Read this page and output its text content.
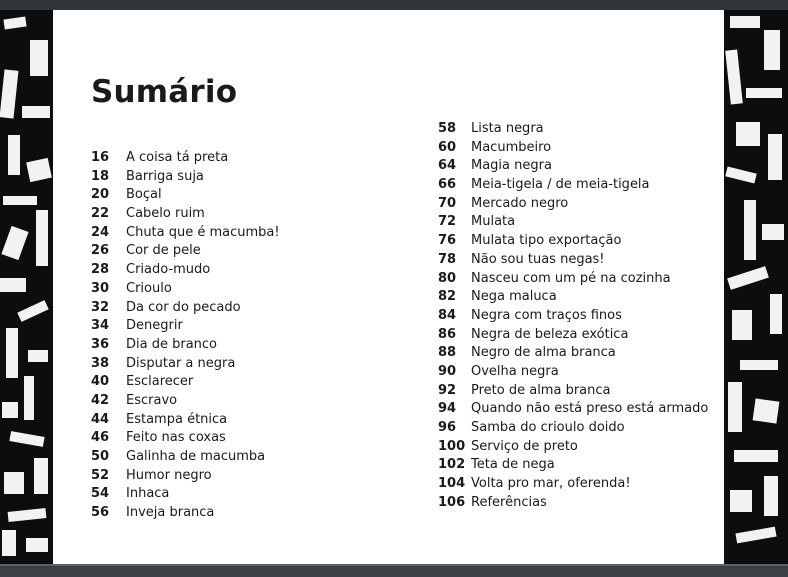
Sumário
16 A coisa tá preta
18 Barriga suja
20 Boçal
22 Cabelo ruim
24 Chuta que é macumba!
26 Cor de pele
28 Criado-mudo
30 Crioulo
32 Da cor do pecado
34 Denegrir
36 Dia de branco
38 Disputar a negra
40 Esclarecer
42 Escravo
44 Estampa étnica
46 Feito nas coxas
50 Galinha de macumba
52 Humor negro
54 Inhaca
56 Inveja branca
58 Lista negra
60 Macumbeiro
64 Magia negra
66 Meia-tigela / de meia-tigela
70 Mercado negro
72 Mulata
76 Mulata tipo exportação
78 Não sou tuas negas!
80 Nasceu com um pé na cozinha
82 Nega maluca
84 Negra com traços finos
86 Negra de beleza exótica
88 Negro de alma branca
90 Ovelha negra
92 Preto de alma branca
94 Quando não está preso está armado
96 Samba do crioulo doido
100 Serviço de preto
102 Teta de nega
104 Volta pro mar, oferenda!
106 Referências
